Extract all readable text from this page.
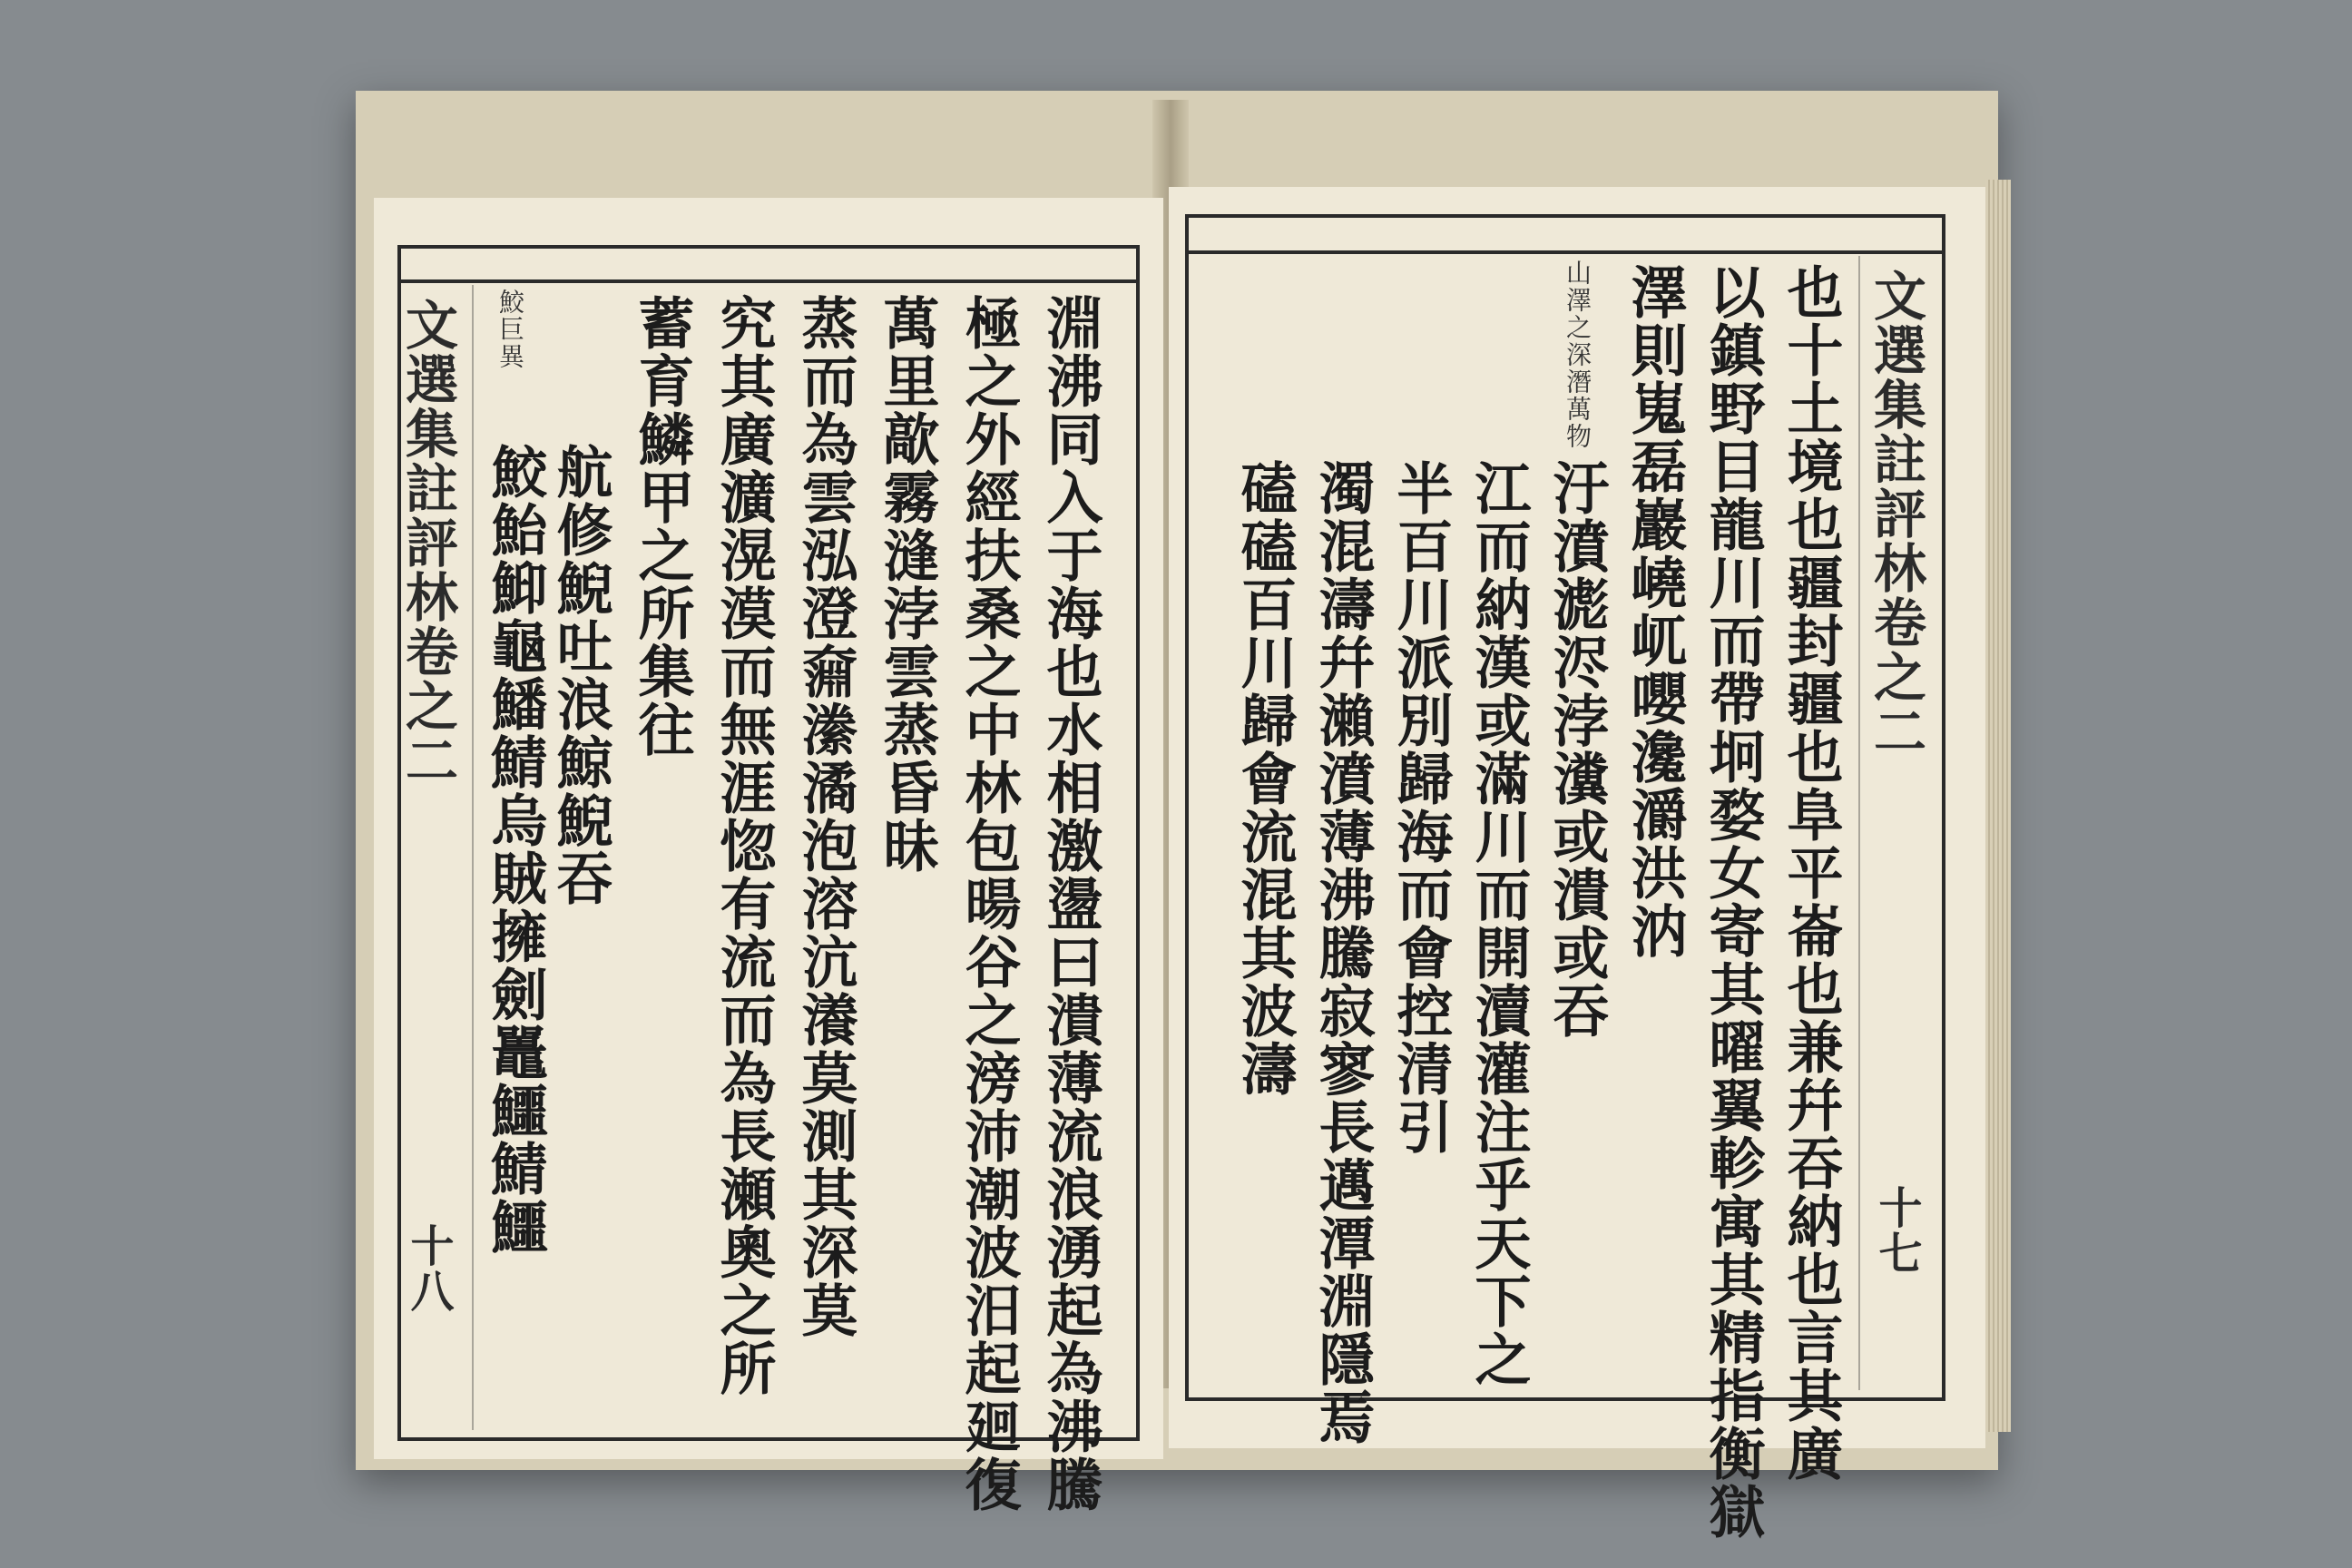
文選集註評林卷之二
十八
鮫巨異	淵沸同入于海也水相激盪曰潰薄流浪湧起為沸騰
極之外經扶桑之中林包暘谷之滂沛潮波汨起廻復
萬里歊霧漨浡雲蒸昏昧
蒸而為雲泓澄奫潫潏泡溶沆瀁莫測其深莫
究其廣瀇滉漠而無涯惚有流而為長瀬奧之所
蓄育鱗甲之所集往
航修鯢吐浪鯨鯢吞
鮫鮐鮣龜鱕鯖烏賊擁劍鼉鱷鯖鱷	文選集註評林卷之二
十七
山澤之深潛萬物	也十土境也疆封疆也阜平崙也兼幷吞納也言其廣
以鎮野目龍川而帶坰婺女寄其曜翼軫寓其精指衡獄
澤則嵬磊巖嶢屼嚶瀺灂洪汭
汙濆滮浕浡瀵或潰或吞
江而納漢或滿川而開瀆灌注乎天下之
半百川派別歸海而會控清引
濁混濤幷瀨濆薄沸騰寂寥長邁潭淵隱焉
磕磕百川歸會流混其波濤
